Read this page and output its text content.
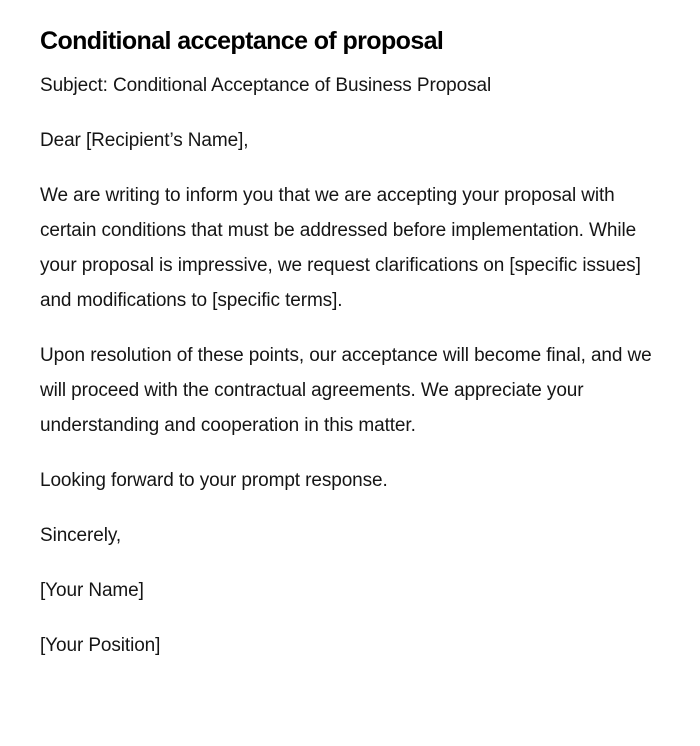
Conditional acceptance of proposal

Subject: Conditional Acceptance of Business Proposal

Dear [Recipient’s Name],

We are writing to inform you that we are accepting your proposal with certain conditions that must be addressed before implementation. While your proposal is impressive, we request clarifications on [specific issues] and modifications to [specific terms].

Upon resolution of these points, our acceptance will become final, and we will proceed with the contractual agreements. We appreciate your understanding and cooperation in this matter.

Looking forward to your prompt response.

Sincerely,

[Your Name]

[Your Position]
